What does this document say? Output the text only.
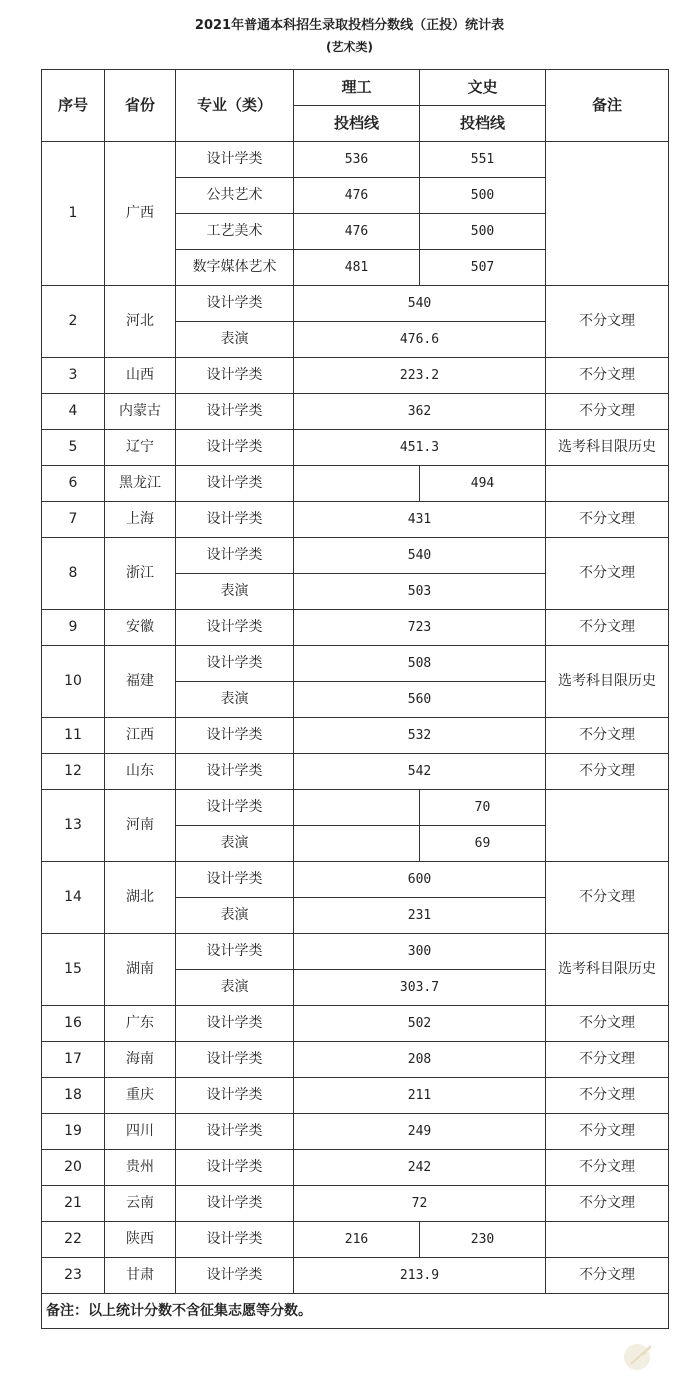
2021年普通本科招生录取投档分数线（正投）统计表
(艺术类)
序号	省份	专业（类）	理工	文史	备注
			投档线	投档线	
1	广西	设计学类	536	551	
		公共艺术	476	500	
		工艺美术	476	500	
		数字媒体艺术	481	507	
2	河北	设计学类	540		不分文理
		表演	476.6		
3	山西	设计学类	223.2		不分文理
4	内蒙古	设计学类	362		不分文理
5	辽宁	设计学类	451.3		选考科目限历史
6	黑龙江	设计学类		494	
7	上海	设计学类	431		不分文理
8	浙江	设计学类	540		不分文理
		表演	503		
9	安徽	设计学类	723		不分文理
10	福建	设计学类	508		选考科目限历史
		表演	560		
11	江西	设计学类	532		不分文理
12	山东	设计学类	542		不分文理
13	河南	设计学类		70	
		表演		69	
14	湖北	设计学类	600		不分文理
		表演	231		
15	湖南	设计学类	300		选考科目限历史
		表演	303.7		
16	广东	设计学类	502		不分文理
17	海南	设计学类	208		不分文理
18	重庆	设计学类	211		不分文理
19	四川	设计学类	249		不分文理
20	贵州	设计学类	242		不分文理
21	云南	设计学类	72		不分文理
22	陕西	设计学类	216	230	
23	甘肃	设计学类	213.9		不分文理
备注：以上统计分数不含征集志愿等分数。					
